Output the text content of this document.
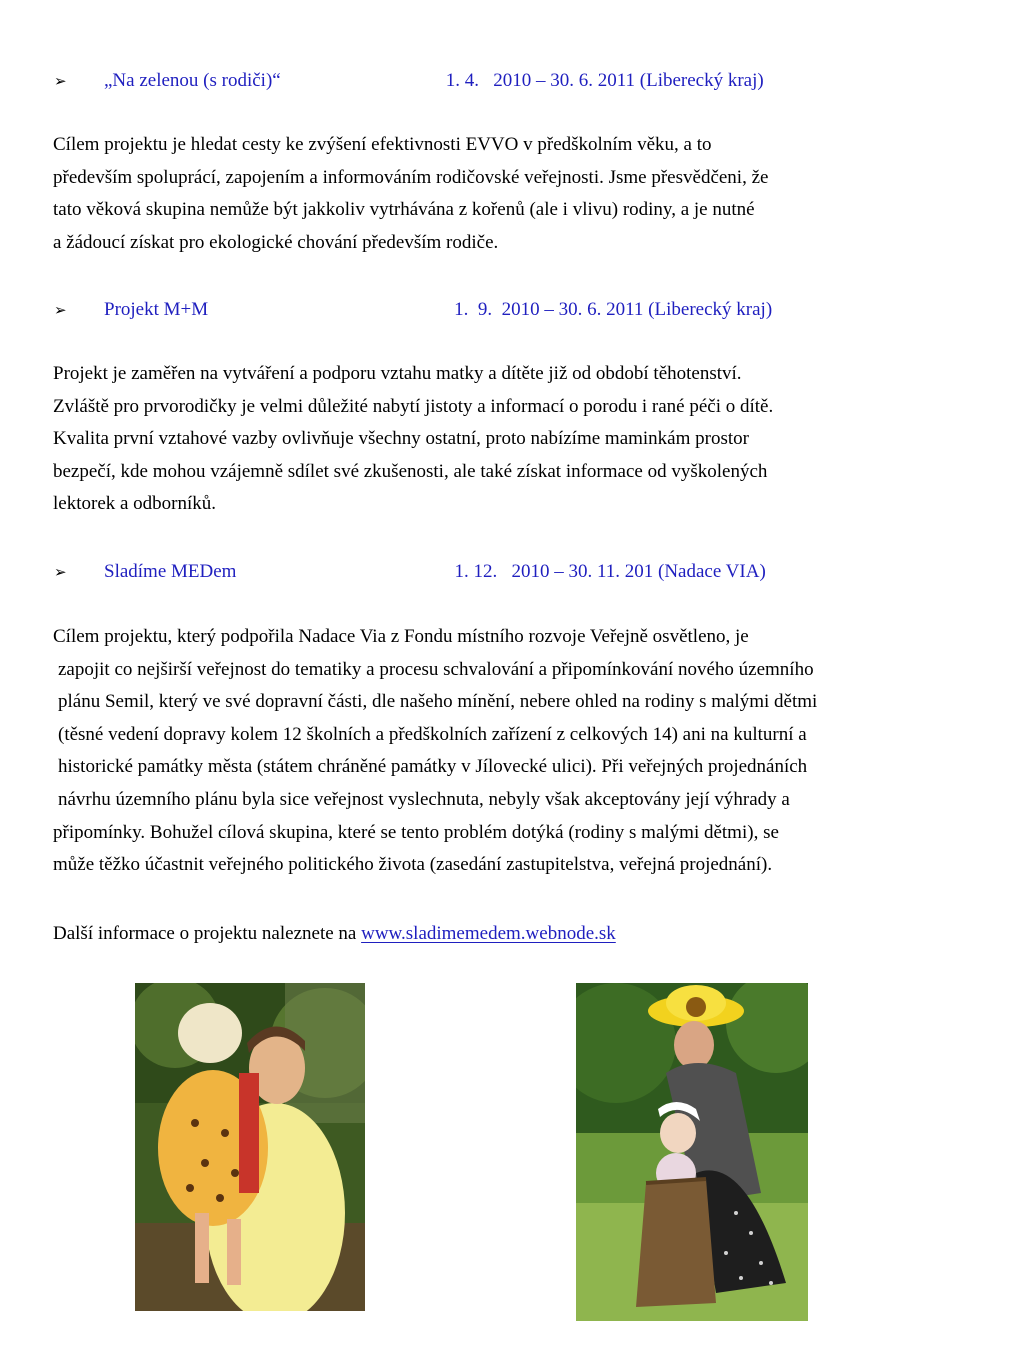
➢ „Na zelenou (s rodiči)“	1. 4.   2010 – 30. 6. 2011 (Liberecký kraj)
Cílem projektu je hledat cesty ke zvýšení efektivnosti EVVO v předškolním věku, a to
především spoluprácí, zapojením a informováním rodičovské veřejnosti. Jsme přesvědčeni, že
tato věková skupina nemůže být jakkoliv vytrhávána z kořenů (ale i vlivu) rodiny, a je nutné
a žádoucí získat pro ekologické chování především rodiče.
➢ Projekt M+M	1.  9.  2010 – 30. 6. 2011 (Liberecký kraj)
Projekt je zaměřen na vytváření a podporu vztahu matky a dítěte již od období těhotenství.
Zvláště pro prvorodičky je velmi důležité nabytí jistoty a informací o porodu i rané péči o dítě.
Kvalita první vztahové vazby ovlivňuje všechny ostatní, proto nabízíme maminkám prostor
bezpečí, kde mohou vzájemně sdílet své zkušenosti, ale také získat informace od vyškolených
lektorek a odborníků.
➢ Sladíme MEDem	1. 12.   2010 – 30. 11. 201 (Nadace VIA)
Cílem projektu, který podpořila Nadace Via z Fondu místního rozvoje Veřejně osvětleno, je
zapojit co nejširší veřejnost do tematiky a procesu schvalování a připomínkování nového územního
plánu Semil, který ve své dopravní části, dle našeho mínění, nebere ohled na rodiny s malými dětmi
(těsné vedení dopravy kolem 12 školních a předškolních zařízení z celkových 14) ani na kulturní a
historické památky města (státem chráněné památky v Jílovecké ulici). Při veřejných projednáních
návrhu územního plánu byla sice veřejnost vyslechnuta, nebyly však akceptovány její výhrady a
připomínky. Bohužel cílová skupina, které se tento problém dotýká (rodiny s malými dětmi), se
může těžko účastnit veřejného politického života (zasedání zastupitelstva, veřejná projednání).
Další informace o projektu naleznete na www.sladimemedem.webnode.sk
